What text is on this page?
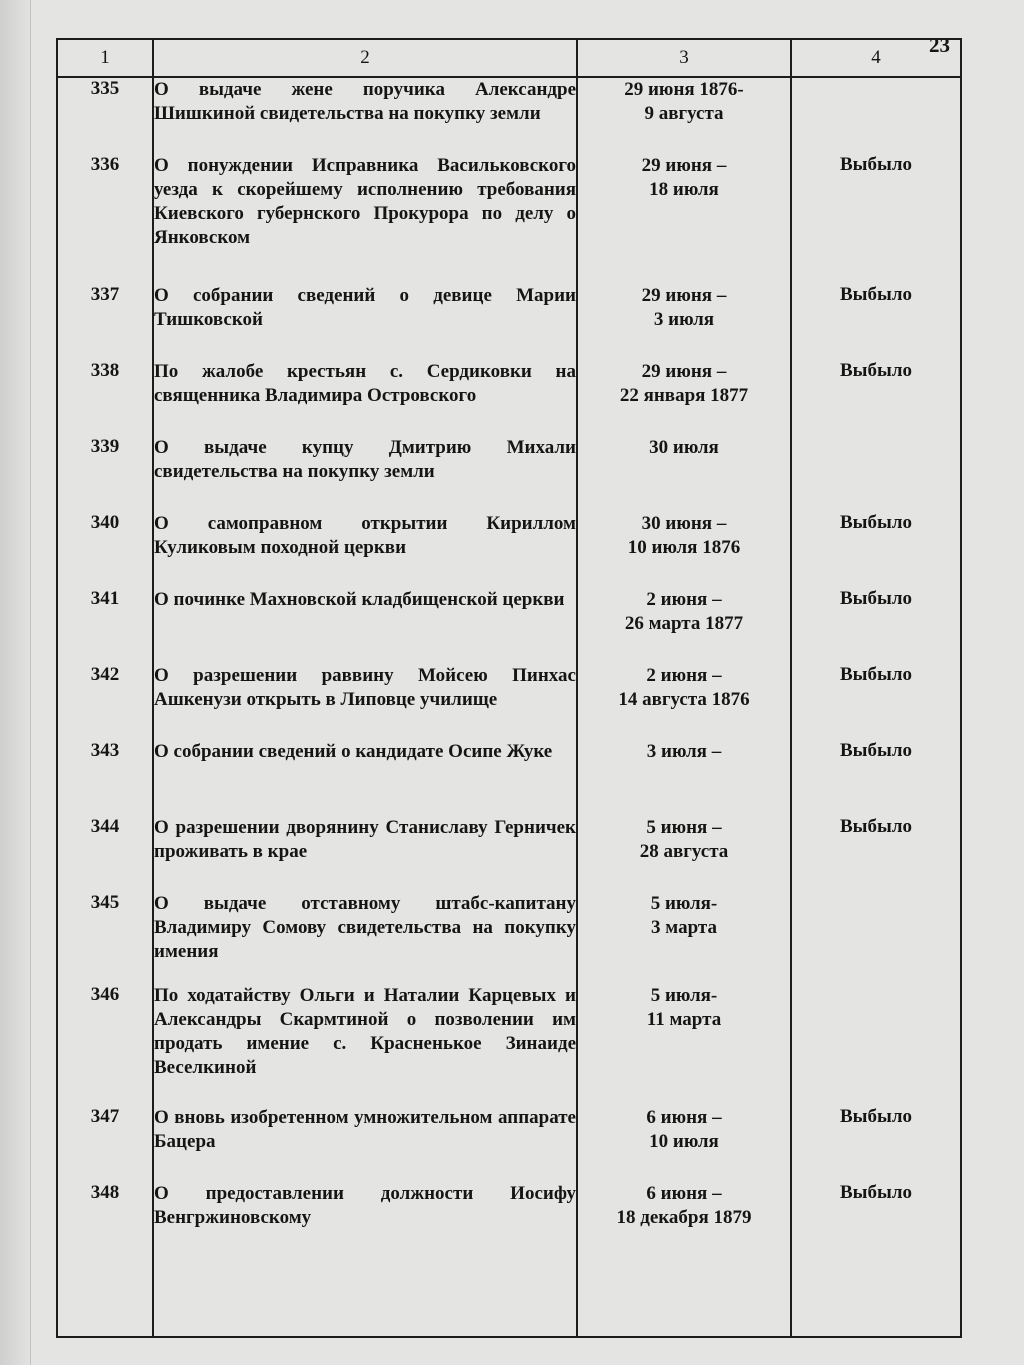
23
1	2	3	4
335	О выдаче жене поручика Александре Шишкиной свидетельства на покупку земли	29 июня 1876-
9 августа	

336	О понуждении Исправника Васильковского уезда к скорейшему исполнению требования Киевского губернского Прокурора по делу о Янковском	29 июня –
18 июля	Выбыло
337	О собрании сведений о девице Марии Тишковской	29 июня –
3 июля	Выбыло
338	По жалобе крестьян с. Сердиковки на священника Владимира Островского	29 июня –
22 января 1877	Выбыло
339	О выдаче купцу Дмитрию Михали свидетельства на покупку земли	30 июля	

340	О самоправном открытии Кириллом Куликовым походной церкви	30 июня –
10 июля 1876	Выбыло
341	О починке Махновской кладбищенской церкви	2 июня –
26 марта 1877	Выбыло
342	О разрешении раввину Мойсею Пинхас Ашкенузи открыть в Липовце училище	2 июня –
14 августа 1876	Выбыло
343	О собрании сведений о кандидате Осипе Жуке	3 июля –	Выбыло
344	О разрешении дворянину Станиславу Герничек проживать в крае	5 июня –
28 августа	Выбыло
345	О выдаче отставному штабс-капитану Владимиру Сомову свидетельства на покупку имения	5 июля-
3 марта	

346	По ходатайству Ольги и Наталии Карцевых и Александры Скармтиной о позволении им продать имение с. Красненькое Зинаиде Веселкиной	5 июля-
11 марта	

347	О вновь изобретенном умножительном аппарате Бацера	6 июня –
10 июля	Выбыло
348	О предоставлении должности Иосифу Венгржиновскому	6 июня –
18 декабря 1879	Выбыло
